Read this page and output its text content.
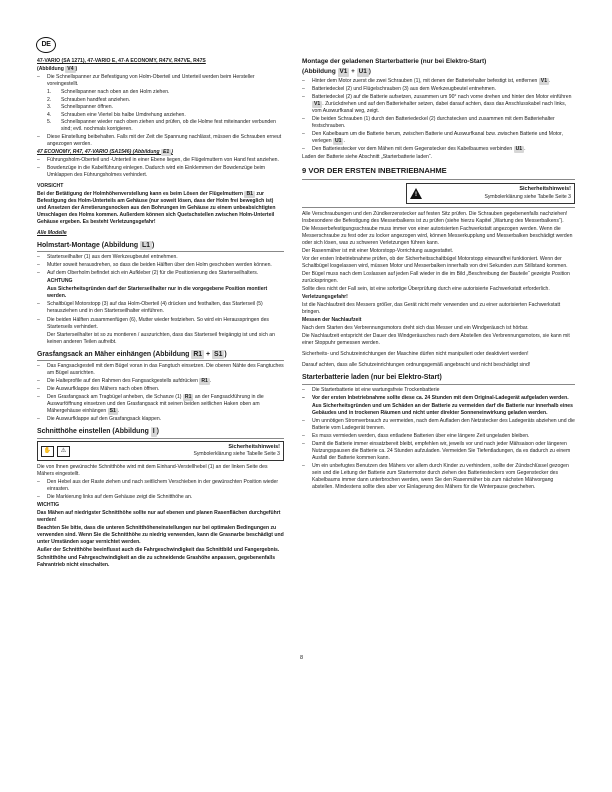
DE

47-VARIO (SA 1271), 47-VARIO E, 47-A ECONOMY, R47V, R47VE, R47S

(Abbildung V4 )

– Die Schnellspanner zur Befestigung von Holm-Oberteil und Unterteil werden beim Hersteller voreingestellt.
1. Schnellspanner nach oben an den Holm ziehen.
2. Schrauben handfest anziehen.
3. Schnellspanner öffnen.
4. Schrauben eine Viertel bis halbe Umdrehung anziehen.
5. Schnellspanner wieder nach oben ziehen und prüfen, ob die Holme fest miteinander verbunden sind; evtl. nochmals korrigieren.
– Diese Einstellung beibehalten. Falls mit der Zeit die Spannung nachlässt, müssen die Schrauben erneut angezogen werden.

47 ECONOMY, R47, 47-VARIO (SA1546) (Abbildung E1 )

– Führungsholm-Oberteil und -Unterteil in einer Ebene liegen, die Flügelmuttern von Hand fest anziehen.
– Bowdenzüge in die Kabelführung einlegen. Dadurch wird ein Einklemmen der Bowdenzüge beim Umklappen des Führungsholmes verhindert.

VORSICHT

Bei der Betätigung der Holmhöhenverstellung kann es beim Lösen der Flügelmuttern B1 zur Befestigung des Holm-Unterteils am Gehäuse (nur soweit lösen, dass der Holm frei beweglich ist) und Ansetzen der Arretierungsnocken aus den Bohrungen im Gehäuse zu einem unbeabsichtigten Umschlagen des Holms kommen. Außerdem können sich Quetschstellen zwischen Holm-Unterteil Gehäuse ergeben. Es besteht Verletzungsgefahr!

Alle Modelle

Holmstart-Montage (Abbildung L1 )
– Starterseilhalter (1) aus dem Werkzeugbeutel entnehmen.
– Mutter soweit herausdrehen, so dass die beiden Hälften über den Holm geschoben werden können.
– Auf dem Oberholm befindet sich ein Aufkleber (2) für die Positionierung des Starterseilhalters.

ACHTUNG

Aus Sicherheitsgründen darf der Starterseilhalter nur in die vorgegebene Position montiert werden.

– Schaltbügel Motorstopp (3) auf das Holm-Oberteil (4) drücken und festhalten, das Starterseil (5) herausziehen und in den Starterseilhalter einführen.
– Die beiden Hälften zusammenfügen (6), Mutter wieder festziehen. So wird ein Herausspringen des Starterseils verhindert.
Der Starterseilhalter ist so zu montieren / auszurichten, dass das Starterseil freigängig ist und sich an keinen anderen Teilen aufreibt.
Grasfangsack an Mäher einhängen (Abbildung R1 + S1 )
– Das Fangsackgestell mit dem Bügel voran in das Fangtuch einsetzen. Die oberen Nähte des Fangtuches am Bügel ausrichten.
– Die Halteprofile auf den Rahmen des Fangsackgestells aufdrücken R1 .
– Die Auswurfklappe des Mähers nach oben öffnen.
– Den Grasfangsack am Tragbügel anheben, die Schanze (1) R1 an der Fangsackführung in die Auswurföffnung einsetzen und den Grasfangsack mit seinen beiden seitlichen Haken oben am Mähergehäuse einhängen S1 .
– Die Auswurfklappe auf den Grasfangsack klappen.
Schnitthöhe einstellen (Abbildung I )
✋	⚠
Sicherheitshinweis!
Symbolerklärung siehe Tabelle Seite 3

Die von Ihnen gewünschte Schnitthöhe wird mit dem Einhand-Verstellhebel (1) an der linken Seite des Mähers eingestellt.

– Den Hebel aus der Raste ziehen und nach seitlichem Verschieben in der gewünschten Position wieder einrasten.
– Die Markierung links auf dem Gehäuse zeigt die Schnitthöhe an.

WICHTIG

Das Mähen auf niedrigster Schnitthöhe sollte nur auf ebenen und planen Rasenflächen durchgeführt werden!

Beachten Sie bitte, dass die unteren Schnitthöheneinstellungen nur bei optimalen Bedingungen zu verwenden sind. Wenn Sie die Schnitthöhe zu niedrig verwenden, kann die Grasnarbe beschädigt und unter Umständen sogar vernichtet werden.

Außer der Schnitthöhe beeinflusst auch die Fahrgeschwindigkeit das Schnittbild und Fangergebnis. Schnitthöhe und Fahrgeschwindigkeit an die zu schneidende Grashöhe anpassen, gegebenenfalls Fahrantrieb nicht einschalten.

Montage der geladenen Starterbatterie (nur bei Elektro-Start)

(Abbildung V1 + U1 )

– Hinter dem Motor zuerst die zwei Schrauben (1), mit denen der Batteriehalter befestigt ist, entfernen V1 .
– Batteriedeckel (2) und Flügelschrauben (3) aus dem Werkzeugbeutel entnehmen.
– Batteriedeckel (2) auf die Batterie aufsetzen, zusammen um 90° nach vorne drehen und hinter den Motor einführen V1 . Zurückdrehen und auf den Batteriehalter setzen, dabei darauf achten, dass das Anschlusskabel nach links, vom Auswurfkanal weg, zeigt.
– Die beiden Schrauben (1) durch den Batteriedeckel (2) durchstecken und zusammen mit dem Batteriehalter festschrauben.
– Den Kabelbaum um die Batterie herum, zwischen Batterie und Auswurfkanal bzw. zwischen Batterie und Motor, verlegen U1 .
– Den Batteriestecker vor dem Mähen mit dem Gegenstecker des Kabelbaumes verbinden U1 .

Laden der Batterie siehe Abschnitt „Starterbatterie laden“.

9 VOR DER ERSTEN INBETRIEBNAHME
!
Sicherheitshinweis!
Symbolerklärung siehe Tabelle Seite 3

Alle Verschraubungen und den Zündkerzenstecker auf festen Sitz prüfen. Die Schrauben gegebenenfalls nachziehen! Insbesondere die Befestigung des Messerbalkens ist zu prüfen (siehe hierzu Kapitel „Wartung des Messerbalkens“).

Die Messerbefestigungsschraube muss immer von einer autorisierten Fachwerkstatt angezogen werden. Wenn die Messerschraube zu fest oder zu locker angezogen wird, können Messerkupplung und Messerbalken beschädigt werden oder sich lösen, was zu schweren Verletzungen führen kann.

Der Rasenmäher ist mit einer Motorstopp-Vorrichtung ausgestattet.

Vor der ersten Inbetriebnahme prüfen, ob der Sicherheitsschaltbügel Motorstopp einwandfrei funktioniert. Wenn der Schaltbügel losgelassen wird, müssen Motor und Messerbalken innerhalb von drei Sekunden zum Stillstand kommen.

Der Bügel muss nach dem Loslassen auf jeden Fall wieder in die im Bild „Beschreibung der Bauteile“ gezeigte Position zurückspringen.

Sollte dies nicht der Fall sein, ist eine sofortige Überprüfung durch eine autorisierte Fachwerkstatt erforderlich.

Verletzungsgefahr!

Ist die Nachlaufzeit des Messers größer, das Gerät nicht mehr verwenden und zu einer autorisierten Fachwerkstatt bringen.

Messen der Nachlaufzeit

Nach dem Starten des Verbrennungsmotors dreht sich das Messer und ein Windgeräusch ist hörbar.

Die Nachlaufzeit entspricht der Dauer des Windgeräusches nach dem Abstellen des Verbrennungsmotors, sie kann mit einer Stoppuhr gemessen werden.

Sicherheits- und Schutzeinrichtungen der Maschine dürfen nicht manipuliert oder deaktiviert werden!

Darauf achten, dass alle Schutzeinrichtungen ordnungsgemäß angebracht und nicht beschädigt sind!

Starterbatterie laden (nur bei Elektro-Start)
– Die Starterbatterie ist eine wartungsfreie Trockenbatterie
– Vor der ersten Inbetriebnahme sollte diese ca. 24 Stunden mit dem Original-Ladegerät aufgeladen werden.
Aus Sicherheitsgründen und um Schäden an der Batterie zu vermeiden darf die Batterie nur innerhalb eines Gebäudes und in trockenen Räumen und nicht unter direkter Sonneneinwirkung geladen werden.
– Um unnötigen Stromverbrauch zu vermeiden, nach dem Aufladen den Netzstecker des Ladegeräts abziehen und die Batterie vom Ladegerät trennen.
– Es muss vermieden werden, dass entladene Batterien über eine längere Zeit ungeladen bleiben.
– Damit die Batterie immer einsatzbereit bleibt, empfehlen wir, jeweils vor und nach jeder Mähsaison oder längeren Nutzungspausen die Batterie ca. 24 Stunden aufzuladen. Vermeiden Sie Tiefentladungen, da es dadurch zu einem Ausfall der Batterie kommen kann.
– Um ein unbefugtes Benutzen des Mähers vor allem durch Kinder zu verhindern, sollte der Zündschlüssel gezogen sein und die Leitung der Batterie zum Startermotor durch ziehen des Batteriesteckers vom Gegenstecker des Kabelbaums immer dann unterbrochen werden, wenn Sie den Rasenmäher bis zum nächsten Mähvorgang abstellen. Mindestens sollte dies aber vor Einlagerung des Mähers für die Winterpause geschehen.
8
